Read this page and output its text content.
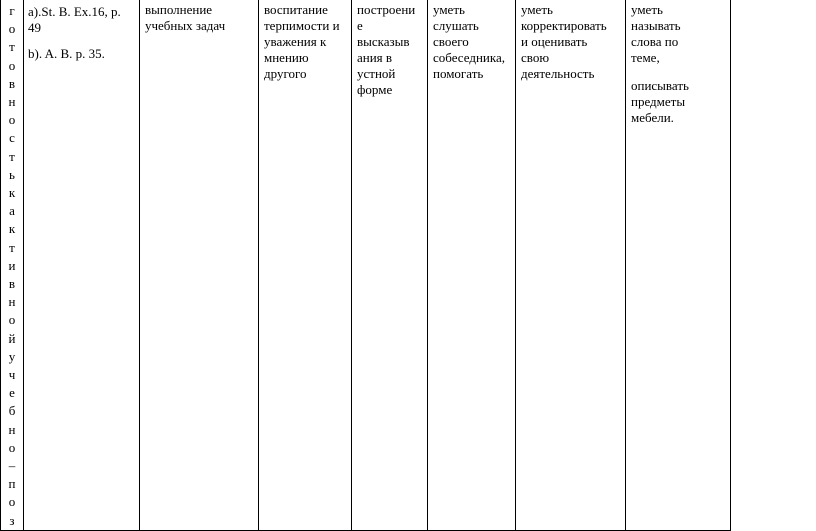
г
о
т
о
в
н
о
с
т
ь
к
а
к
т
и
в
н
о
й
у
ч
е
б
н
о
–
п
о
з

a).St. B. Ex.16, p. 49
b). A. B. p. 35.

выполнение
учебных задач

воспитание
терпимости и
уважения к
мнению
другого

построени
е
высказыв
ания в
устной
форме

уметь
слушать
своего
собеседника,
помогать

уметь
корректировать
и оценивать
свою
деятельность

уметь
называть
слова по
теме,
описывать
предметы
мебели.
